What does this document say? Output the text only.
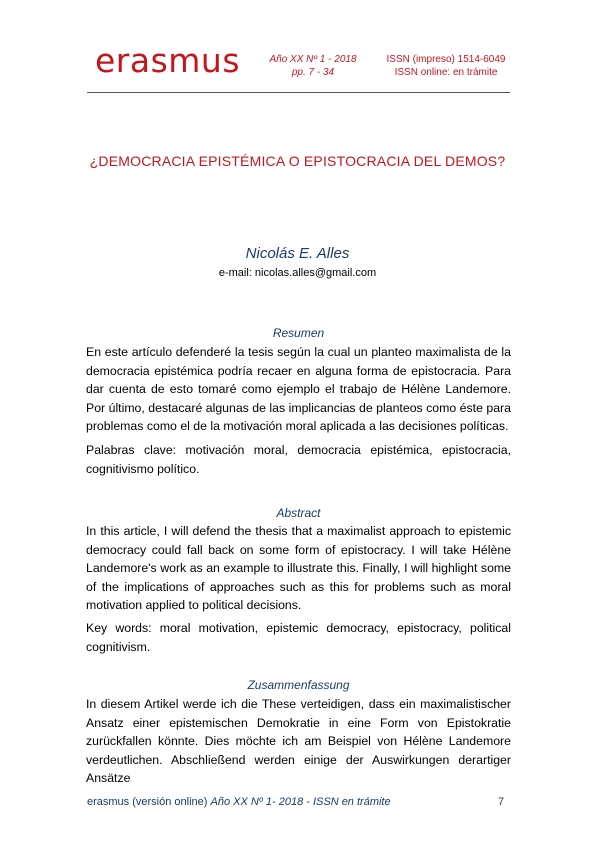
erasmus	Año XX Nº 1 - 2018
pp. 7 - 34
ISSN (impreso) 1514-6049
ISSN online: en trámite
¿DEMOCRACIA EPISTÉMICA O EPISTOCRACIA DEL DEMOS?
Nicolás E. Alles
e-mail: nicolas.alles@gmail.com
Resumen
En este artículo defenderé la tesis según la cual un planteo maximalista de la democracia epistémica podría recaer en alguna forma de epistocracia. Para dar cuenta de esto tomaré como ejemplo el trabajo de Hélène Landemore. Por último, destacaré algunas de las implicancias de planteos como éste para problemas como el de la motivación moral aplicada a las decisiones políticas.
Palabras clave: motivación moral, democracia epistémica, epistocracia, cognitivismo político.
Abstract
In this article, I will defend the thesis that a maximalist approach to epistemic democracy could fall back on some form of epistocracy. I will take Hélène Landemore's work as an example to illustrate this. Finally, I will highlight some of the implications of approaches such as this for problems such as moral motivation applied to political decisions.
Key words: moral motivation, epistemic democracy, epistocracy, political cognitivism.
Zusammenfassung
In diesem Artikel werde ich die These verteidigen, dass ein maximalistischer Ansatz einer epistemischen Demokratie in eine Form von Epistokratie zurückfallen könnte. Dies möchte ich am Beispiel von Hélène Landemore verdeutlichen. Abschließend werden einige der Auswirkungen derartiger Ansätze
erasmus (versión online) Año XX Nº 1- 2018 - ISSN en trámite	7
